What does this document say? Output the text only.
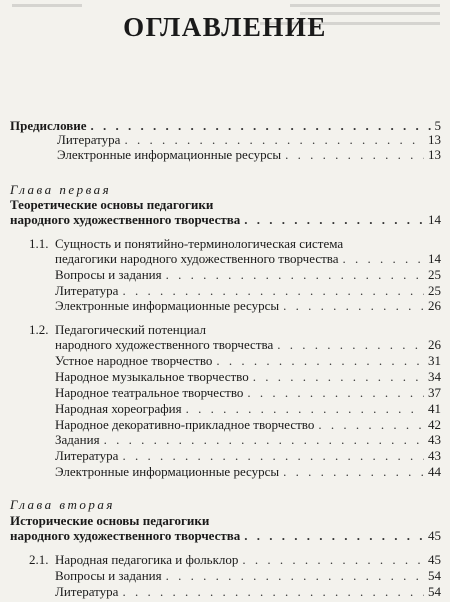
ОГЛАВЛЕНИЕ
Предисловие . . .	5
Литература . . .	13
Электронные информационные ресурсы . . .	13
Глава первая
Теоретические основы педагогики
народного художественного творчества . . .	14
1.1. Сущность и понятийно-терминологическая система
педагогики народного художественного творчества . . .	14
Вопросы и задания . . .	25
Литература . . .	25
Электронные информационные ресурсы . . .	26
1.2. Педагогический потенциал
народного художественного творчества . . .	26
Устное народное творчество . . .	31
Народное музыкальное творчество . . .	34
Народное театральное творчество . . .	37
Народная хореография . . .	41
Народное декоративно-прикладное творчество . . .	42
Задания . . .	43
Литература . . .	43
Электронные информационные ресурсы . . .	44
Глава вторая
Исторические основы педагогики
народного художественного творчества . . .	45
2.1. Народная педагогика и фольклор . . .	45
Вопросы и задания . . .	54
Литература . . .	54
